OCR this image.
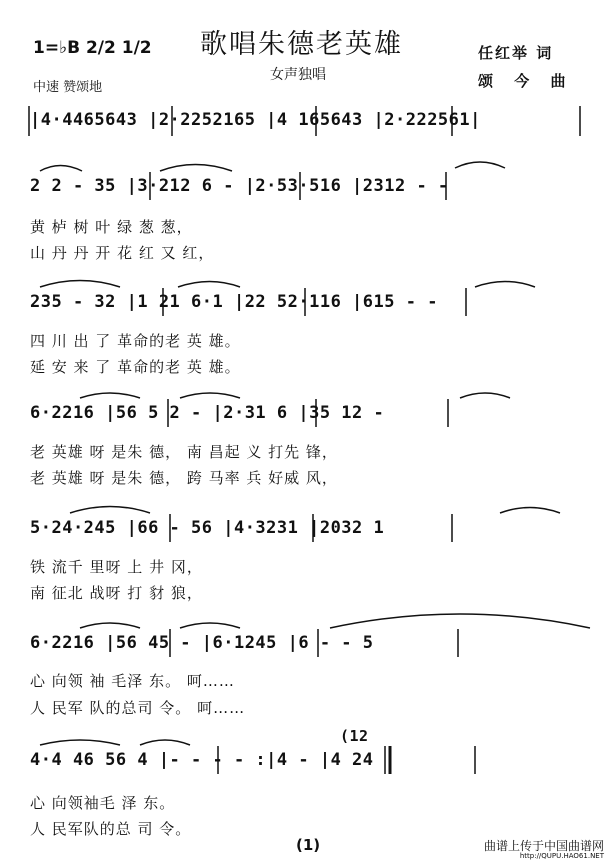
1=♭B 2/2 1/2
中速 赞颂地
歌唱朱德老英雄
女声独唱
任红举 词
颂 今 曲
|4·4465643 |2·2252165 |4 165643 |2·222561|
2 2 - 35 |3·212 6 - |2·53·516 |2312 - -
黄 栌 树 叶 绿 葱 葱，
山 丹 丹 开 花 红 又 红，
235 - 32 |1 21 6·1 |22 52·116 |615 - -
四 川 出 了 革命的老 英 雄。
延 安 来 了 革命的老 英 雄。
6·2216 |56 5 2 - |2·31 6 |35 12 -
老 英雄 呀 是朱 德， 南 昌起 义 打先 锋，
老 英雄 呀 是朱 德， 跨 马率 兵 好威 风，
5·24·245 |66 - 56 |4·3231 |2032 1
铁 流千 里呀 上 井 冈，
南 征北 战呀 打 豺 狼，
6·2216 |56 45 - |6·1245 |6 - - 5
心 向领 袖 毛泽 东。 呵……
人 民军 队的总司 令。 呵……
(12
4·4 46 56 4 |- - - - :|4 - |4 24
心 向领袖毛 泽 东。
人 民军队的总 司 令。
(1)	曲谱上传于中国曲谱网
http://QUPU.HAO61.NET
